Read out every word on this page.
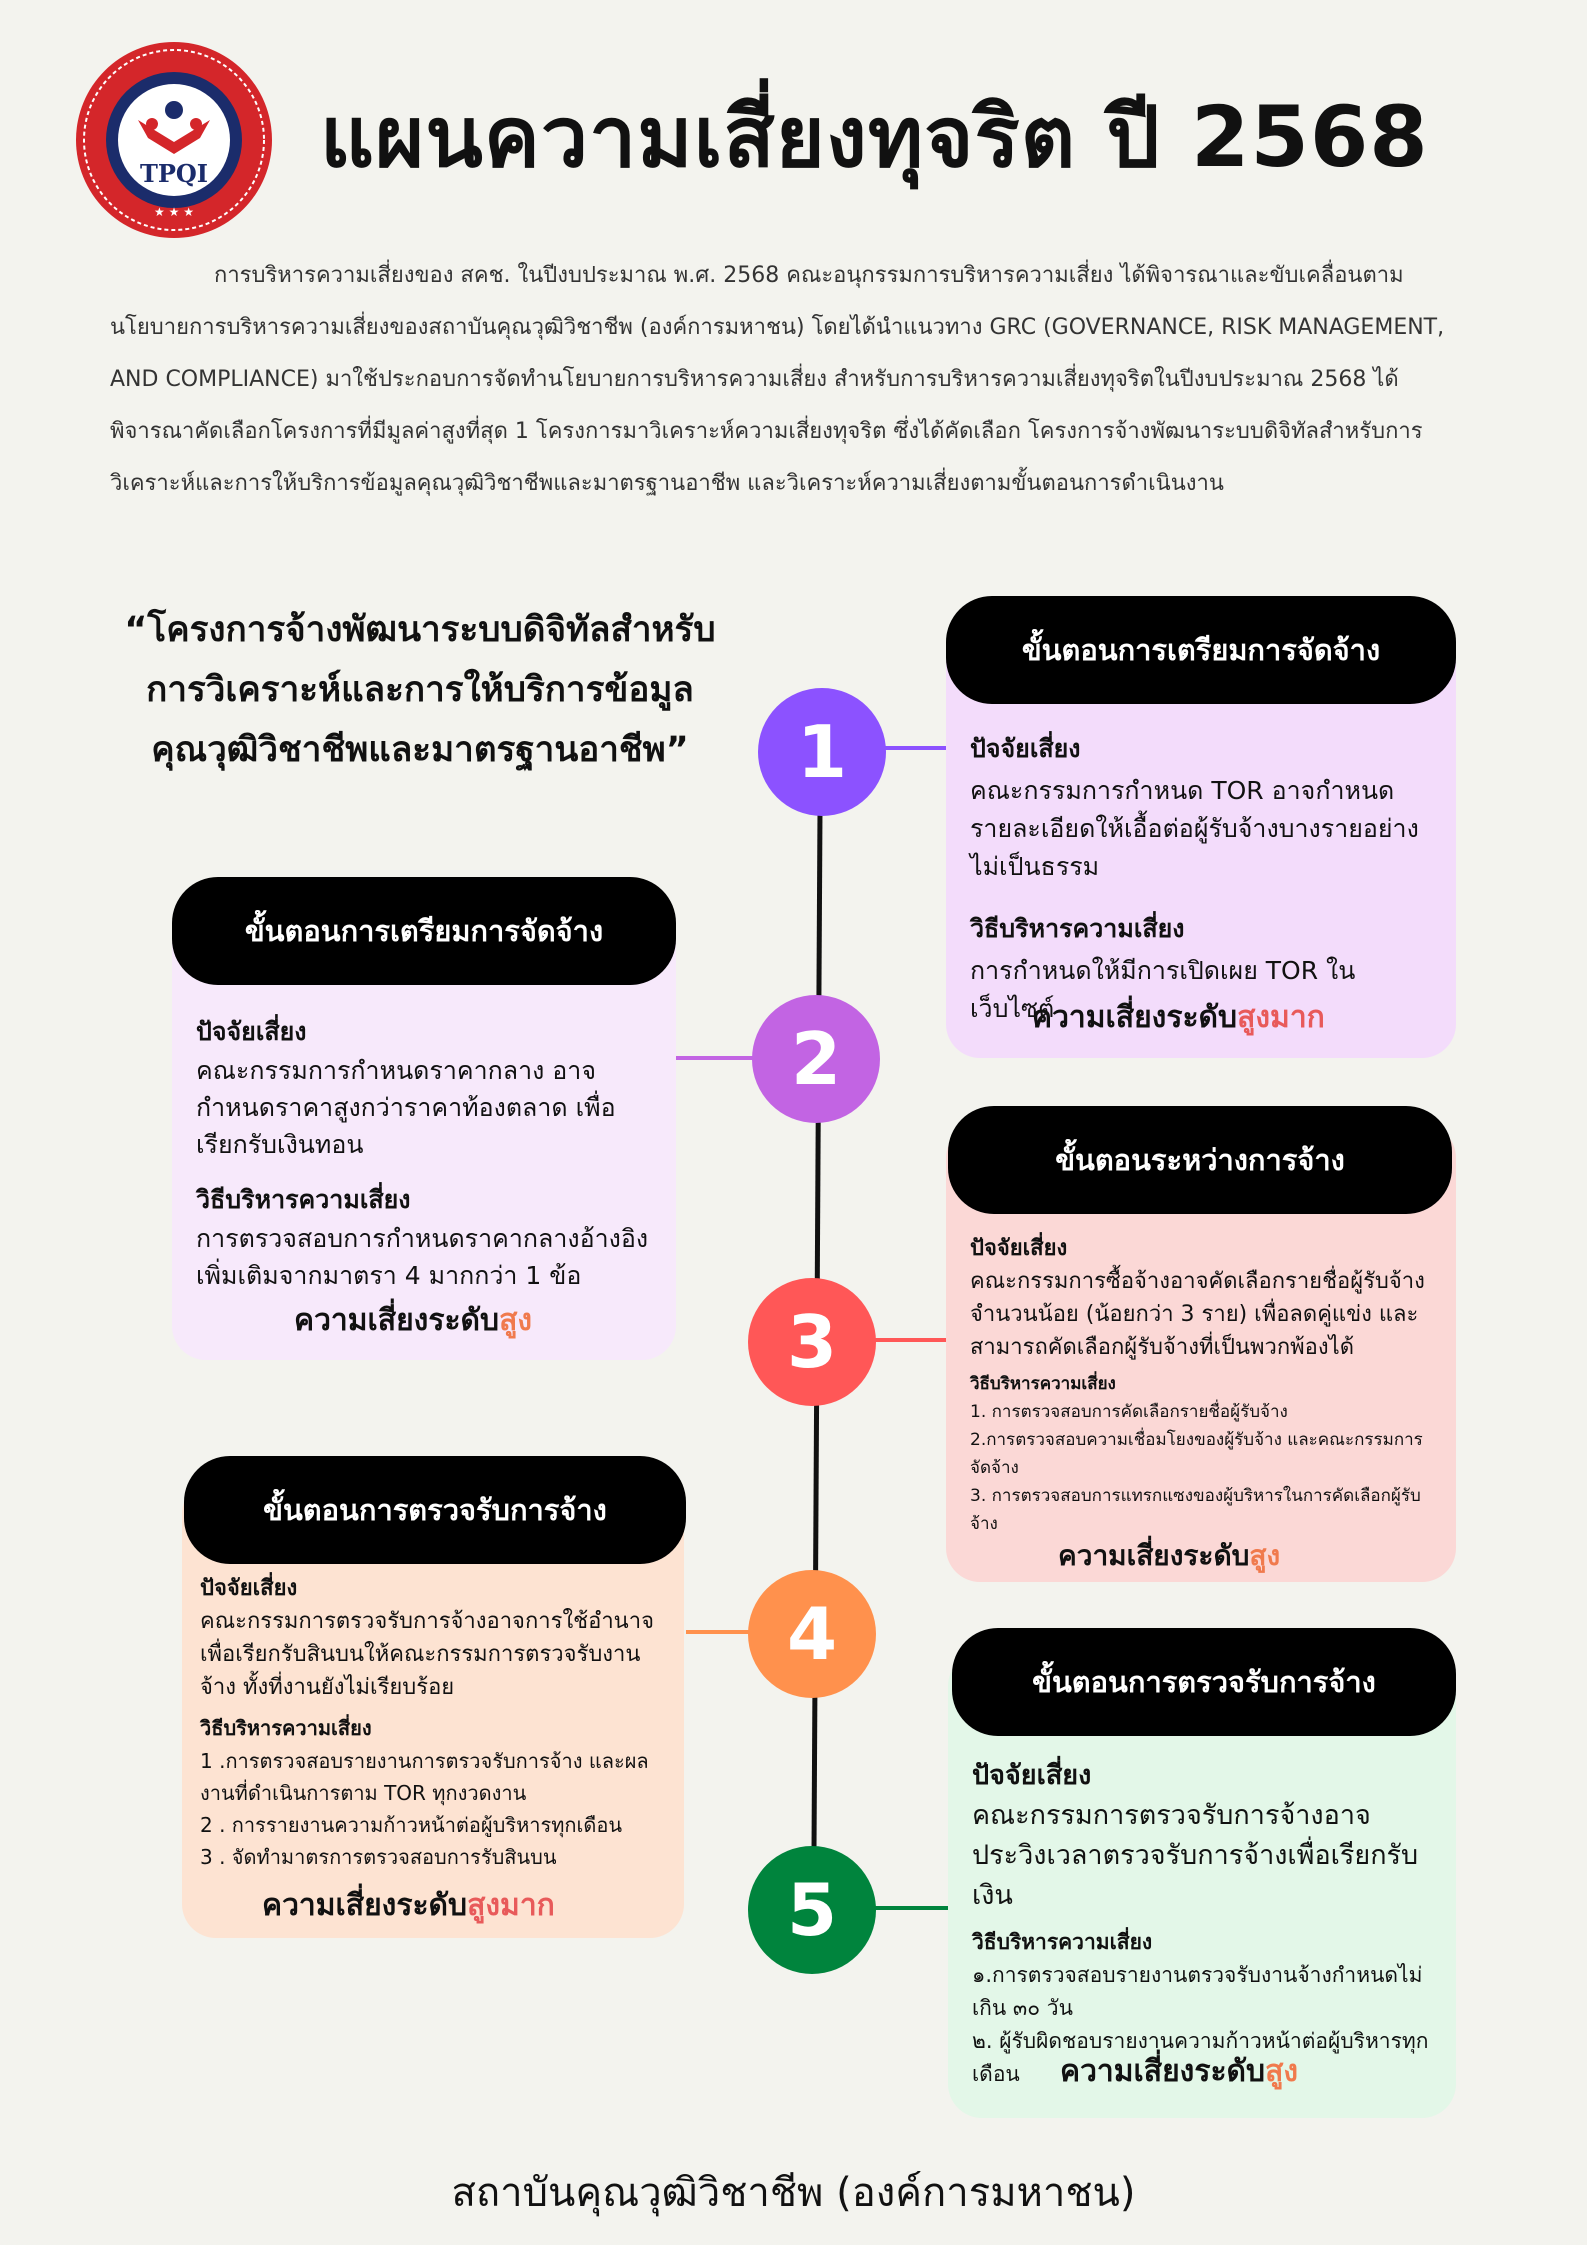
TPQI
★ ★ ★
แผนความเสี่ยงทุจริต ปี 2568

การบริหารความเสี่ยงของ สคช. ในปีงบประมาณ พ.ศ. 2568 คณะอนุกรรมการบริหารความเสี่ยง ได้พิจารณาและขับเคลื่อนตามนโยบายการบริหารความเสี่ยงของสถาบันคุณวุฒิวิชาชีพ (องค์การมหาชน) โดยได้นำแนวทาง GRC (GOVERNANCE, RISK MANAGEMENT, AND COMPLIANCE) มาใช้ประกอบการจัดทำนโยบายการบริหารความเสี่ยง สำหรับการบริหารความเสี่ยงทุจริตในปีงบประมาณ 2568 ได้พิจารณาคัดเลือกโครงการที่มีมูลค่าสูงที่สุด 1 โครงการมาวิเคราะห์ความเสี่ยงทุจริต ซึ่งได้คัดเลือก โครงการจ้างพัฒนาระบบดิจิทัลสำหรับการวิเคราะห์และการให้บริการข้อมูลคุณวุฒิวิชาชีพและมาตรฐานอาชีพ และวิเคราะห์ความเสี่ยงตามขั้นตอนการดำเนินงาน

“โครงการจ้างพัฒนาระบบดิจิทัลสำหรับ
การวิเคราะห์และการให้บริการข้อมูล
คุณวุฒิวิชาชีพและมาตรฐานอาชีพ”	ปัจจัยเสี่ยง
คณะกรรมการกำหนด TOR อาจกำหนดรายละเอียดให้เอื้อต่อผู้รับจ้างบางรายอย่างไม่เป็นธรรม
วิธีบริหารความเสี่ยง
การกำหนดให้มีการเปิดเผย TOR ในเว็บไซต์
ความเสี่ยงระดับสูงมาก
ขั้นตอนการเตรียมการจัดจ้าง
ปัจจัยเสี่ยง
คณะกรรมการกำหนดราคากลาง อาจกำหนดราคาสูงกว่าราคาท้องตลาด เพื่อเรียกรับเงินทอน
วิธีบริหารความเสี่ยง
การตรวจสอบการกำหนดราคากลางอ้างอิงเพิ่มเติมจากมาตรา 4 มากกว่า 1 ข้อ
ความเสี่ยงระดับสูง
ขั้นตอนการเตรียมการจัดจ้าง
ปัจจัยเสี่ยง
คณะกรรมการซื้อจ้างอาจคัดเลือกรายชื่อผู้รับจ้างจำนวนน้อย (น้อยกว่า 3 ราย) เพื่อลดคู่แข่ง และสามารถคัดเลือกผู้รับจ้างที่เป็นพวกพ้องได้
วิธีบริหารความเสี่ยง
1. การตรวจสอบการคัดเลือกรายชื่อผู้รับจ้าง
2.การตรวจสอบความเชื่อมโยงของผู้รับจ้าง และคณะกรรมการจัดจ้าง
3. การตรวจสอบการแทรกแซงของผู้บริหารในการคัดเลือกผู้รับจ้าง
ความเสี่ยงระดับสูง
ขั้นตอนระหว่างการจ้าง
ปัจจัยเสี่ยง
คณะกรรมการตรวจรับการจ้างอาจการใช้อำนาจเพื่อเรียกรับสินบนให้คณะกรรมการตรวจรับงานจ้าง ทั้งที่งานยังไม่เรียบร้อย
วิธีบริหารความเสี่ยง
1 .การตรวจสอบรายงานการตรวจรับการจ้าง และผลงานที่ดำเนินการตาม TOR ทุกงวดงาน
2 . การรายงานความก้าวหน้าต่อผู้บริหารทุกเดือน
3 . จัดทำมาตรการตรวจสอบการรับสินบน
ความเสี่ยงระดับสูงมาก
ขั้นตอนการตรวจรับการจ้าง
ปัจจัยเสี่ยง
คณะกรรมการตรวจรับการจ้างอาจประวิงเวลาตรวจรับการจ้างเพื่อเรียกรับเงิน
วิธีบริหารความเสี่ยง
๑.การตรวจสอบรายงานตรวจรับงานจ้างกำหนดไม่เกิน ๓๐ วัน
๒. ผู้รับผิดชอบรายงานความก้าวหน้าต่อผู้บริหารทุกเดือน	ความเสี่ยงระดับสูง
ขั้นตอนการตรวจรับการจ้าง
1
2
3
4
5
สถาบันคุณวุฒิวิชาชีพ (องค์การมหาชน)
